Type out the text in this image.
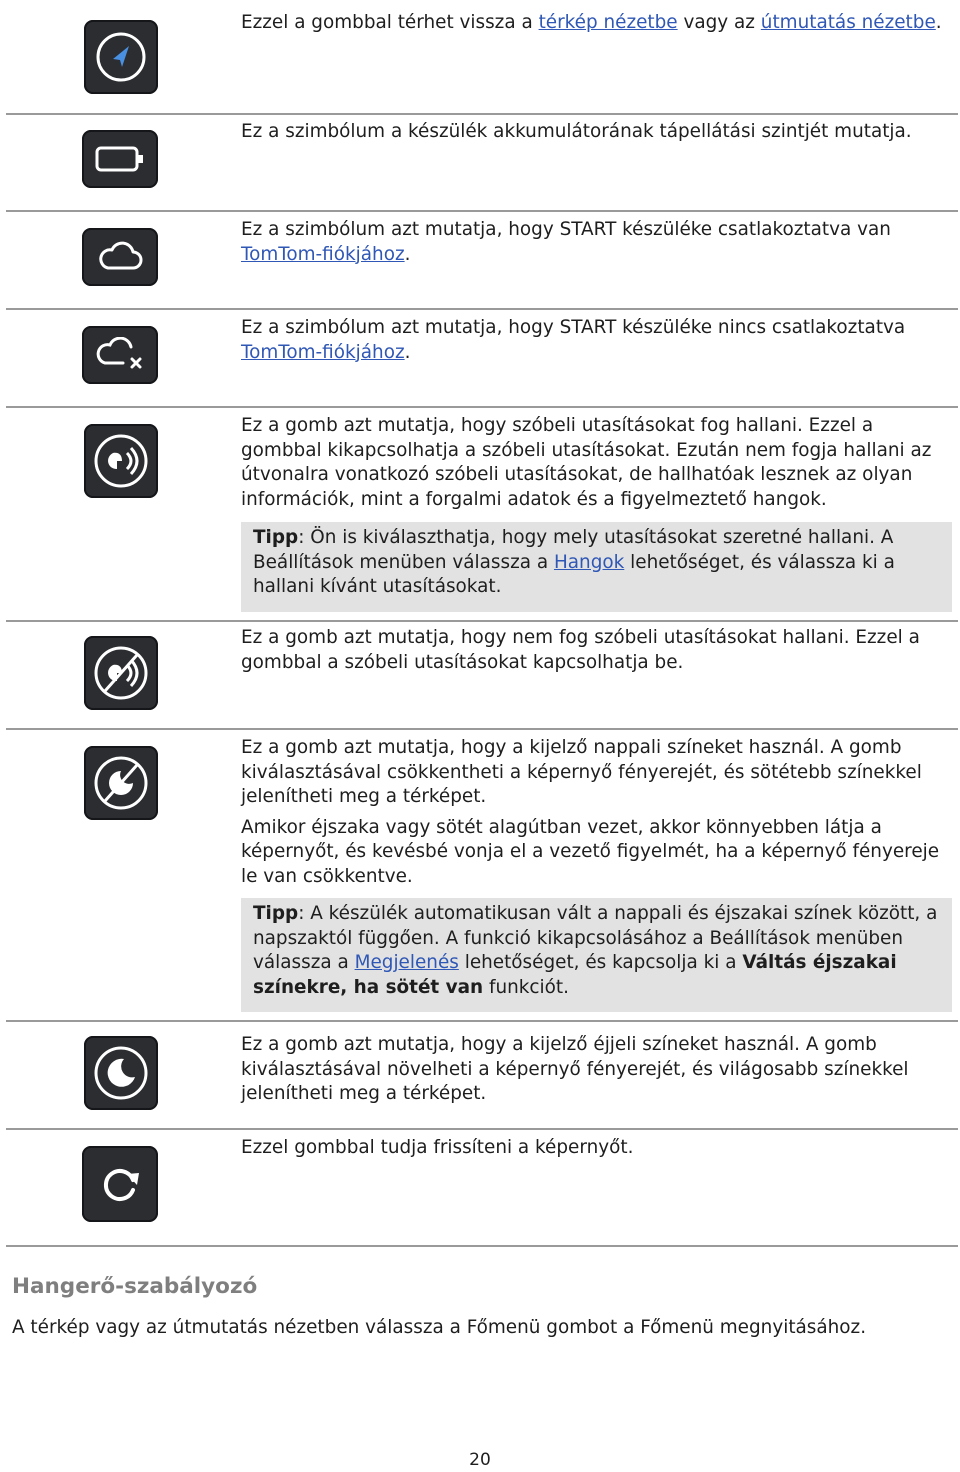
Ezzel a gombbal térhet vissza a térkép nézetbe vagy az útmutatás nézetbe.

Ez a szimbólum a készülék akkumulátorának tápellátási szintjét mutatja.

Ez a szimbólum azt mutatja, hogy START készüléke csatlakoztatva van TomTom-fiókjához.

Ez a szimbólum azt mutatja, hogy START készüléke nincs csatlakoztatva TomTom-fiókjához.

Ez a gomb azt mutatja, hogy szóbeli utasításokat fog hallani. Ezzel a gombbal kikapcsolhatja a szóbeli utasításokat. Ezután nem fogja hallani az útvonalra vonatkozó szóbeli utasításokat, de hallhatóak lesznek az olyan információk, mint a forgalmi adatok és a figyelmeztető hangok.

Tipp: Ön is kiválaszthatja, hogy mely utasításokat szeretné hallani. A Beállítások menüben válassza a Hangok lehetőséget, és válassza ki a hallani kívánt utasításokat.

Ez a gomb azt mutatja, hogy nem fog szóbeli utasításokat hallani. Ezzel a gombbal a szóbeli utasításokat kapcsolhatja be.

Ez a gomb azt mutatja, hogy a kijelző nappali színeket használ. A gomb kiválasztásával csökkentheti a képernyő fényerejét, és sötétebb színekkel jelenítheti meg a térképet.

Amikor éjszaka vagy sötét alagútban vezet, akkor könnyebben látja a képernyőt, és kevésbé vonja el a vezető figyelmét, ha a képernyő fényereje le van csökkentve.

Tipp: A készülék automatikusan vált a nappali és éjszakai színek között, a napszaktól függően. A funkció kikapcsolásához a Beállítások menüben válassza a Megjelenés lehetőséget, és kapcsolja ki a Váltás éjszakai színekre, ha sötét van funkciót.

Ez a gomb azt mutatja, hogy a kijelző éjjeli színeket használ. A gomb kiválasztásával növelheti a képernyő fényerejét, és világosabb színekkel jelenítheti meg a térképet.

Ezzel gombbal tudja frissíteni a képernyőt.

Hangerő-szabályozó

A térkép vagy az útmutatás nézetben válassza a Főmenü gombot a Főmenü megnyitásához.

20
